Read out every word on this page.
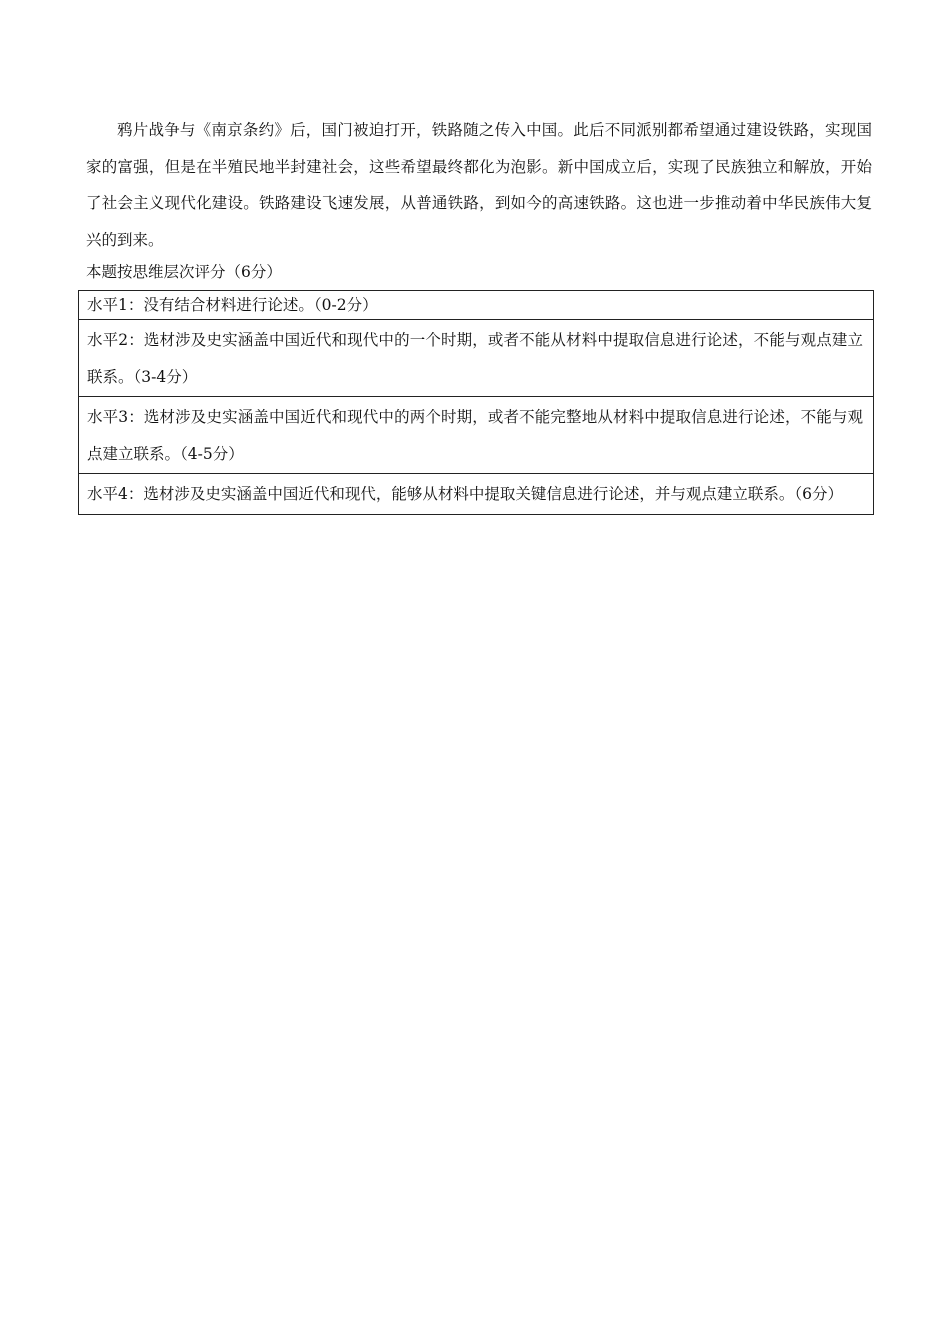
鸦片战争与《南京条约》后，国门被迫打开，铁路随之传入中国。此后不同派别都希望通过建设铁路，实现国家的富强，但是在半殖民地半封建社会，这些希望最终都化为泡影。新中国成立后，实现了民族独立和解放，开始了社会主义现代化建设。铁路建设飞速发展，从普通铁路，到如今的高速铁路。这也进一步推动着中华民族伟大复兴的到来。

本题按思维层次评分（6分）

水平1：没有结合材料进行论述。（0-2分）
水平2：选材涉及史实涵盖中国近代和现代中的一个时期，或者不能从材料中提取信息进行论述，不能与观点建立联系。（3-4分）
水平3：选材涉及史实涵盖中国近代和现代中的两个时期，或者不能完整地从材料中提取信息进行论述，不能与观点建立联系。（4-5分）
水平4：选材涉及史实涵盖中国近代和现代，能够从材料中提取关键信息进行论述，并与观点建立联系。（6分）
